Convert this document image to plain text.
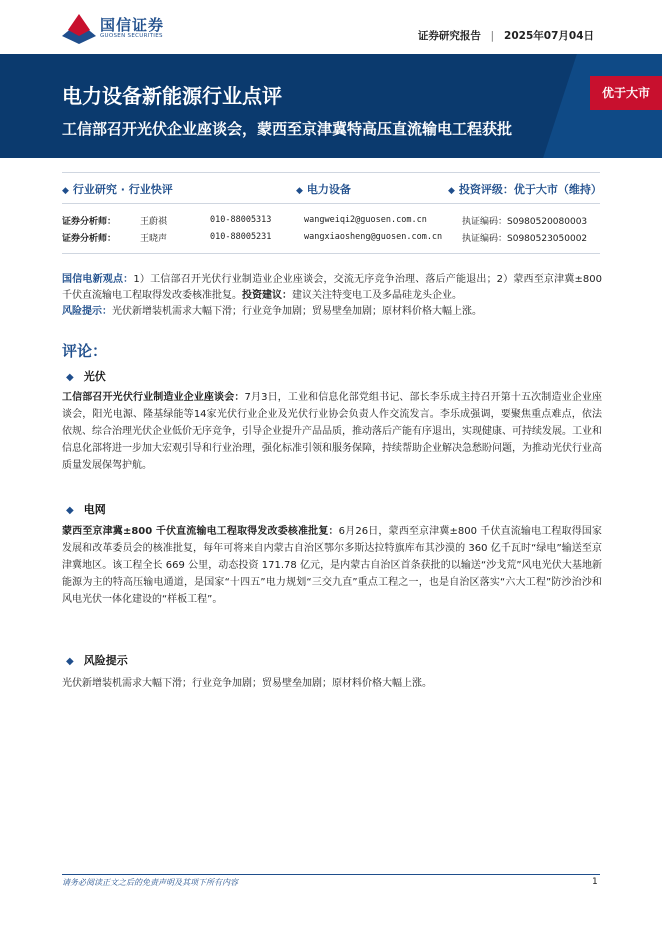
国信证券
GUOSEN SECURITIES	证券研究报告 | 2025年07月04日
电力设备新能源行业点评
工信部召开光伏企业座谈会，蒙西至京津冀特高压直流输电工程获批
优于大市
◆ 行业研究 · 行业快评	◆ 电力设备	◆ 投资评级：优于大市（维持）
证券分析师：	王蔚祺	010-88005313	wangweiqi2@guosen.com.cn	执证编码：S0980520080003
证券分析师：	王晓声	010-88005231	wangxiaosheng@guosen.com.cn 执证编码：S0980523050002
国信电新观点：1）工信部召开光伏行业制造业企业座谈会，交流无序竞争治理、落后产能退出；2）蒙西至京津冀±800 千伏直流输电工程取得发改委核准批复。投资建议：建议关注特变电工及多晶硅龙头企业。
风险提示：光伏新增装机需求大幅下滑；行业竞争加剧；贸易壁垒加剧；原材料价格大幅上涨。
评论：
◆ 光伏
工信部召开光伏行业制造业企业座谈会：7月3日，工业和信息化部党组书记、部长李乐成主持召开第十五次制造业企业座谈会，阳光电源、隆基绿能等14家光伏行业企业及光伏行业协会负责人作交流发言。李乐成强调，要聚焦重点难点，依法依规、综合治理光伏企业低价无序竞争，引导企业提升产品品质，推动落后产能有序退出，实现健康、可持续发展。工业和信息化部将进一步加大宏观引导和行业治理，强化标准引领和服务保障，持续帮助企业解决急愁盼问题，为推动光伏行业高质量发展保驾护航。
◆ 电网
蒙西至京津冀±800 千伏直流输电工程取得发改委核准批复：6月26日，蒙西至京津冀±800 千伏直流输电工程取得国家发展和改革委员会的核准批复，每年可将来自内蒙古自治区鄂尔多斯达拉特旗库布其沙漠的 360 亿千瓦时“绿电”输送至京津冀地区。该工程全长 669 公里，动态投资 171.78 亿元，是内蒙古自治区首条获批的以输送“沙戈荒”风电光伏大基地新能源为主的特高压输电通道，是国家“十四五”电力规划“三交九直”重点工程之一，也是自治区落实“六大工程”防沙治沙和风电光伏一体化建设的“样板工程”。
◆ 风险提示
光伏新增装机需求大幅下滑；行业竞争加剧；贸易壁垒加剧；原材料价格大幅上涨。
请务必阅读正文之后的免责声明及其项下所有内容	1
